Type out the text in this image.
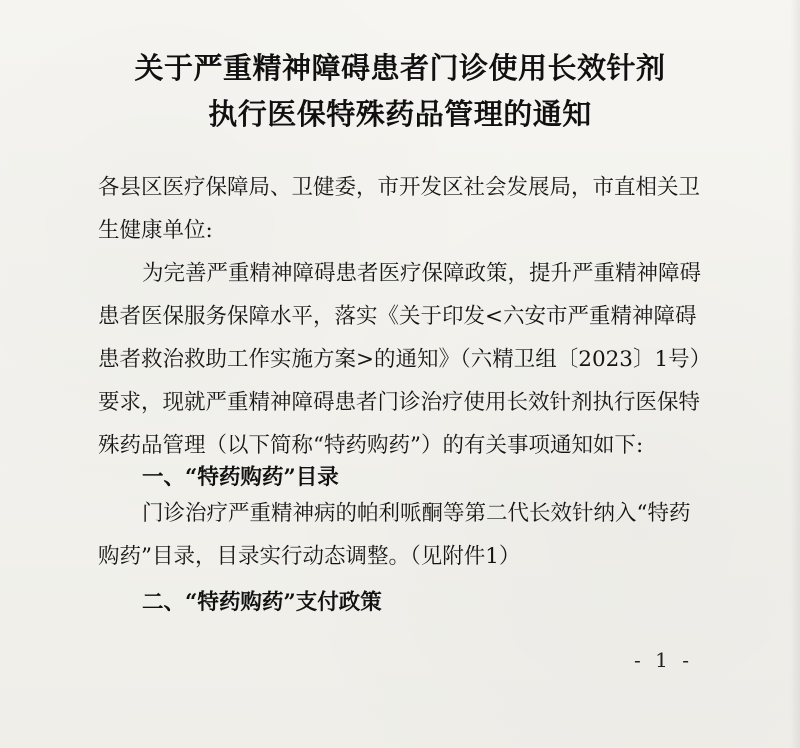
关于严重精神障碍患者门诊使用长效针剂
执行医保特殊药品管理的通知
各县区医疗保障局、卫健委，市开发区社会发展局，市直相关卫
生健康单位:
为完善严重精神障碍患者医疗保障政策，提升严重精神障碍
患者医保服务保障水平，落实《关于印发<六安市严重精神障碍
患者救治救助工作实施方案>的通知》（六精卫组〔2023〕1号）
要求，现就严重精神障碍患者门诊治疗使用长效针剂执行医保特
殊药品管理（以下简称“特药购药”）的有关事项通知如下:
一、“特药购药”目录
门诊治疗严重精神病的帕利哌酮等第二代长效针纳入“特药
购药”目录，目录实行动态调整。（见附件1）
二、“特药购药”支付政策
- 1 -
